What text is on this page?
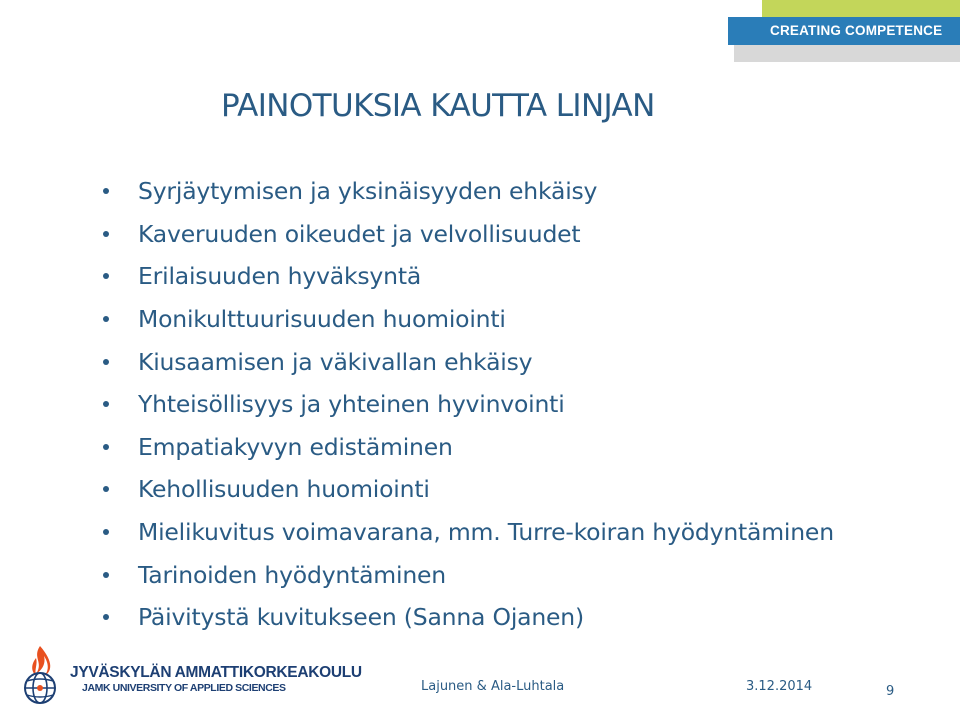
CREATING COMPETENCE
PAINOTUKSIA KAUTTA LINJAN
Syrjäytymisen ja yksinäisyyden ehkäisy
Kaveruuden oikeudet ja velvollisuudet
Erilaisuuden hyväksyntä
Monikulttuurisuuden huomiointi
Kiusaamisen ja väkivallan ehkäisy
Yhteisöllisyys ja yhteinen hyvinvointi
Empatiakyvyn edistäminen
Kehollisuuden huomiointi
Mielikuvitus voimavarana, mm. Turre-koiran hyödyntäminen
Tarinoiden hyödyntäminen
Päivitystä kuvitukseen (Sanna Ojanen)
JYVÄSKYLÄN AMMATTIKORKEAKOULU
JAMK UNIVERSITY OF APPLIED SCIENCES	Lajunen & Ala-Luhtala	3.12.2014	9
